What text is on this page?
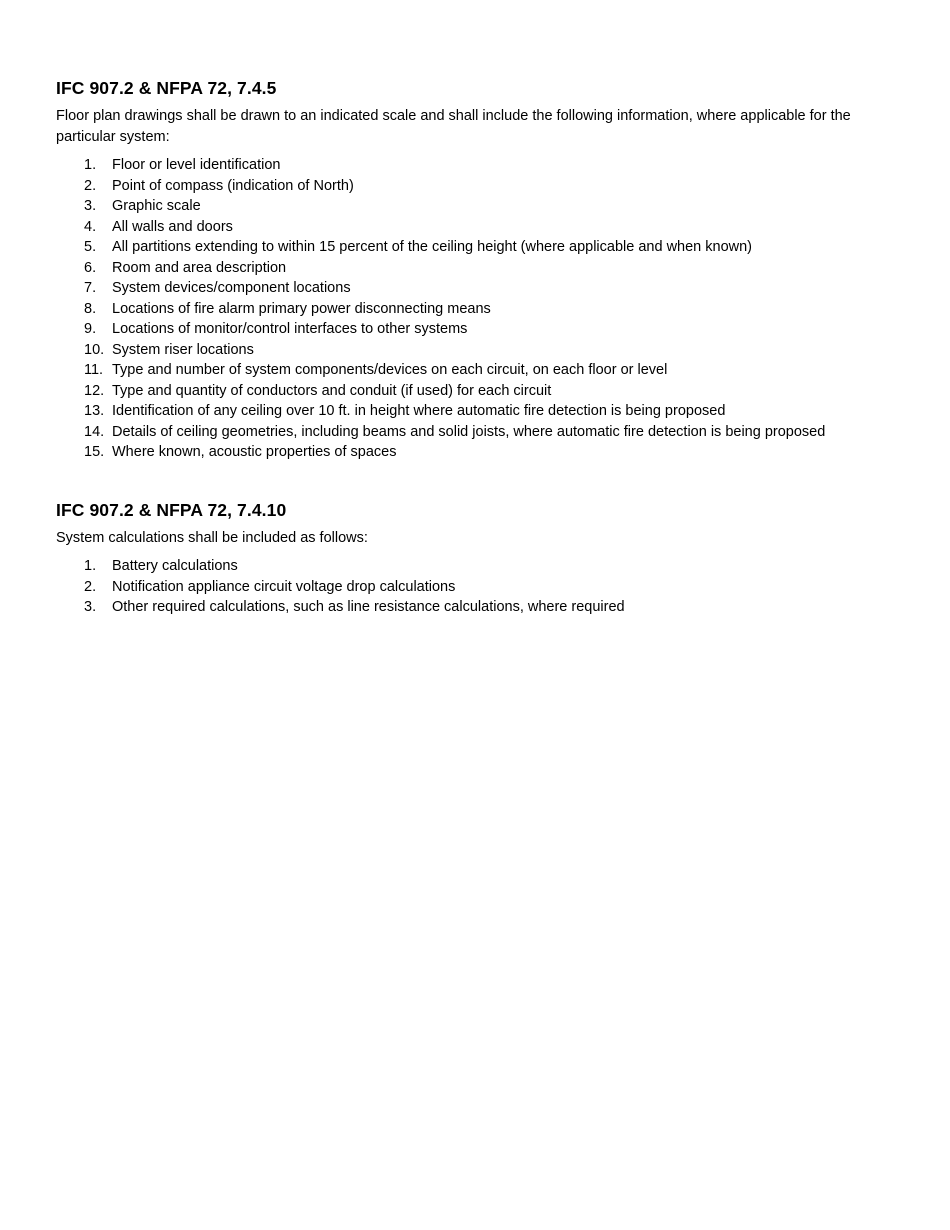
IFC 907.2 & NFPA 72, 7.4.5

Floor plan drawings shall be drawn to an indicated scale and shall include the following information, where applicable for the particular system:

1. Floor or level identification
2. Point of compass (indication of North)
3. Graphic scale
4. All walls and doors
5. All partitions extending to within 15 percent of the ceiling height (where applicable and when known)
6. Room and area description
7. System devices/component locations
8. Locations of fire alarm primary power disconnecting means
9. Locations of monitor/control interfaces to other systems
10. System riser locations
11. Type and number of system components/devices on each circuit, on each floor or level
12. Type and quantity of conductors and conduit (if used) for each circuit
13. Identification of any ceiling over 10 ft. in height where automatic fire detection is being proposed
14. Details of ceiling geometries, including beams and solid joists, where automatic fire detection is being proposed
15. Where known, acoustic properties of spaces
IFC 907.2 & NFPA 72, 7.4.10

System calculations shall be included as follows:

1. Battery calculations
2. Notification appliance circuit voltage drop calculations
3. Other required calculations, such as line resistance calculations, where required
